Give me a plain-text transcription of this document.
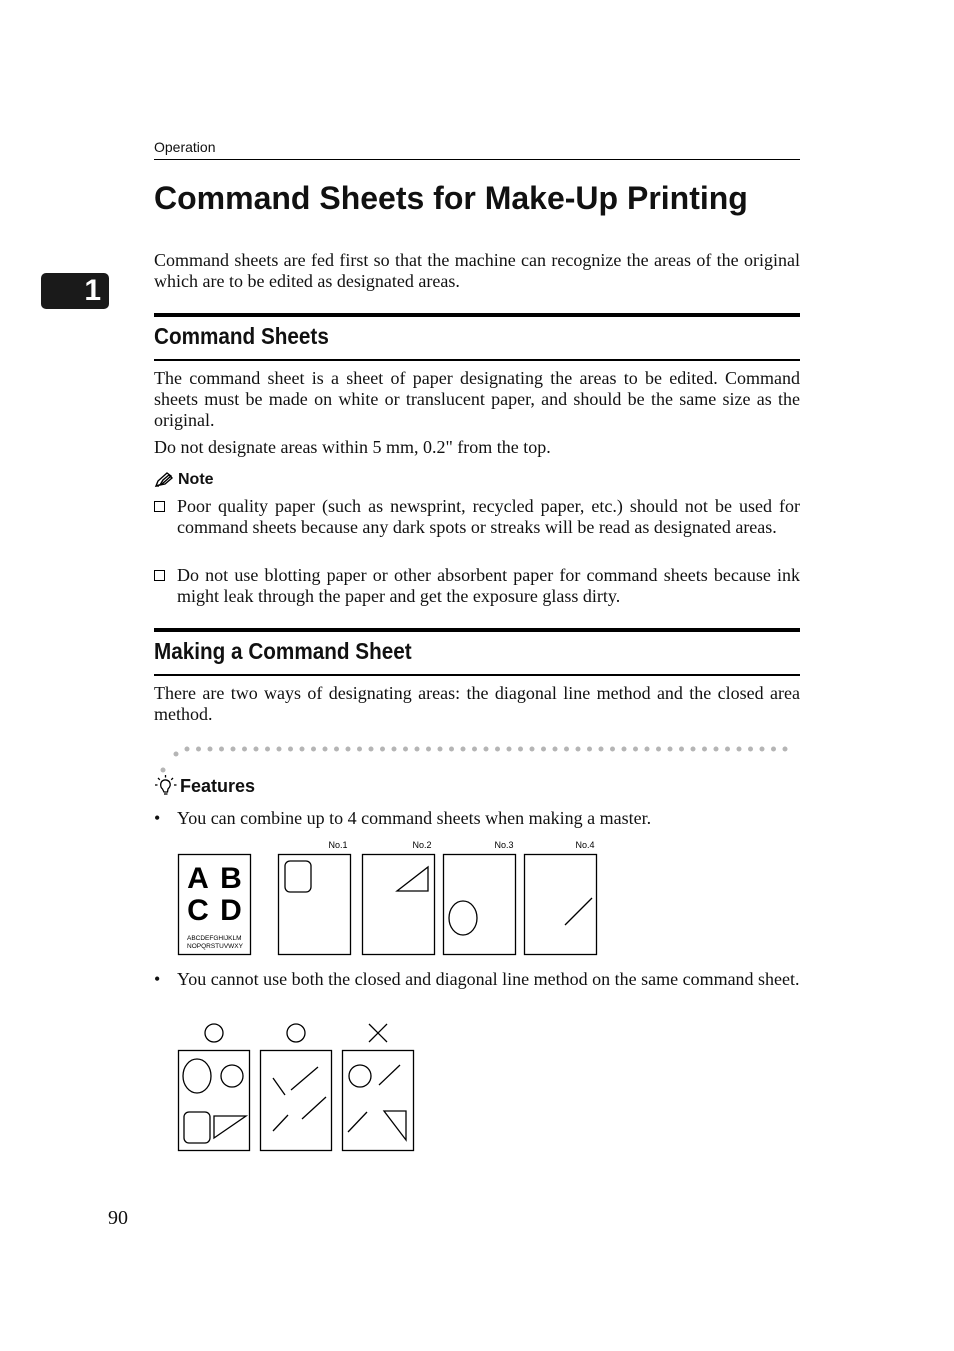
Operation
1
Command Sheets for Make-Up Printing
Command sheets are fed first so that the machine can recognize the areas of the original which are to be edited as designated areas.
Command Sheets
The command sheet is a sheet of paper designating the areas to be edited. Command sheets must be made on white or translucent paper, and should be the same size as the original.
Do not designate areas within 5 mm, 0.2" from the top.
Note
Poor quality paper (such as newsprint, recycled paper, etc.) should not be used for command sheets because any dark spots or streaks will be read as designated areas.
Do not use blotting paper or other absorbent paper for command sheets because ink might leak through the paper and get the exposure glass dirty.
Making a Command Sheet
There are two ways of designating areas: the diagonal line method and the closed area method.
Features
• You can combine up to 4 command sheets when making a master.
A B
C D
ABCDEFGHIJKLM
NOPQRSTUVWXY
No.1	No.2	No.3	No.4
• You cannot use both the closed and diagonal line method on the same command sheet.
90
